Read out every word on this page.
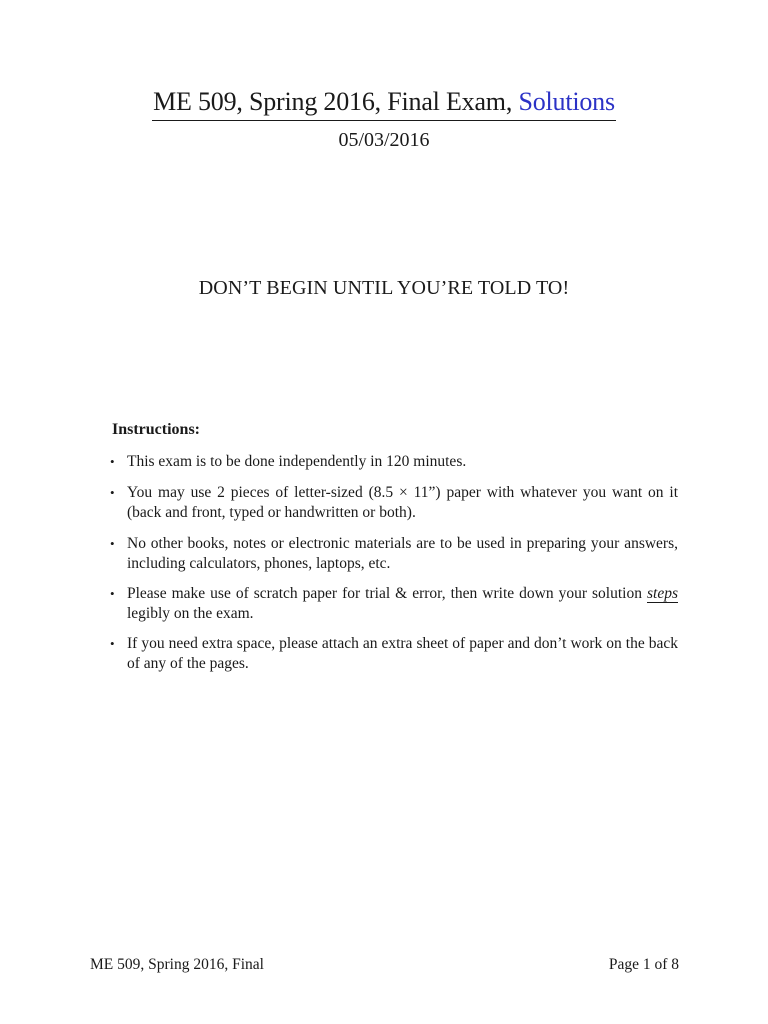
ME 509, Spring 2016, Final Exam, Solutions
05/03/2016
DON’T BEGIN UNTIL YOU’RE TOLD TO!
Instructions:
• This exam is to be done independently in 120 minutes.
• You may use 2 pieces of letter-sized (8.5 × 11”) paper with whatever you want on it (back and front, typed or handwritten or both).
• No other books, notes or electronic materials are to be used in preparing your answers, including calculators, phones, laptops, etc.
• Please make use of scratch paper for trial & error, then write down your solution steps legibly on the exam.
• If you need extra space, please attach an extra sheet of paper and don’t work on the back of any of the pages.
ME 509, Spring 2016, Final	Page 1 of 8
